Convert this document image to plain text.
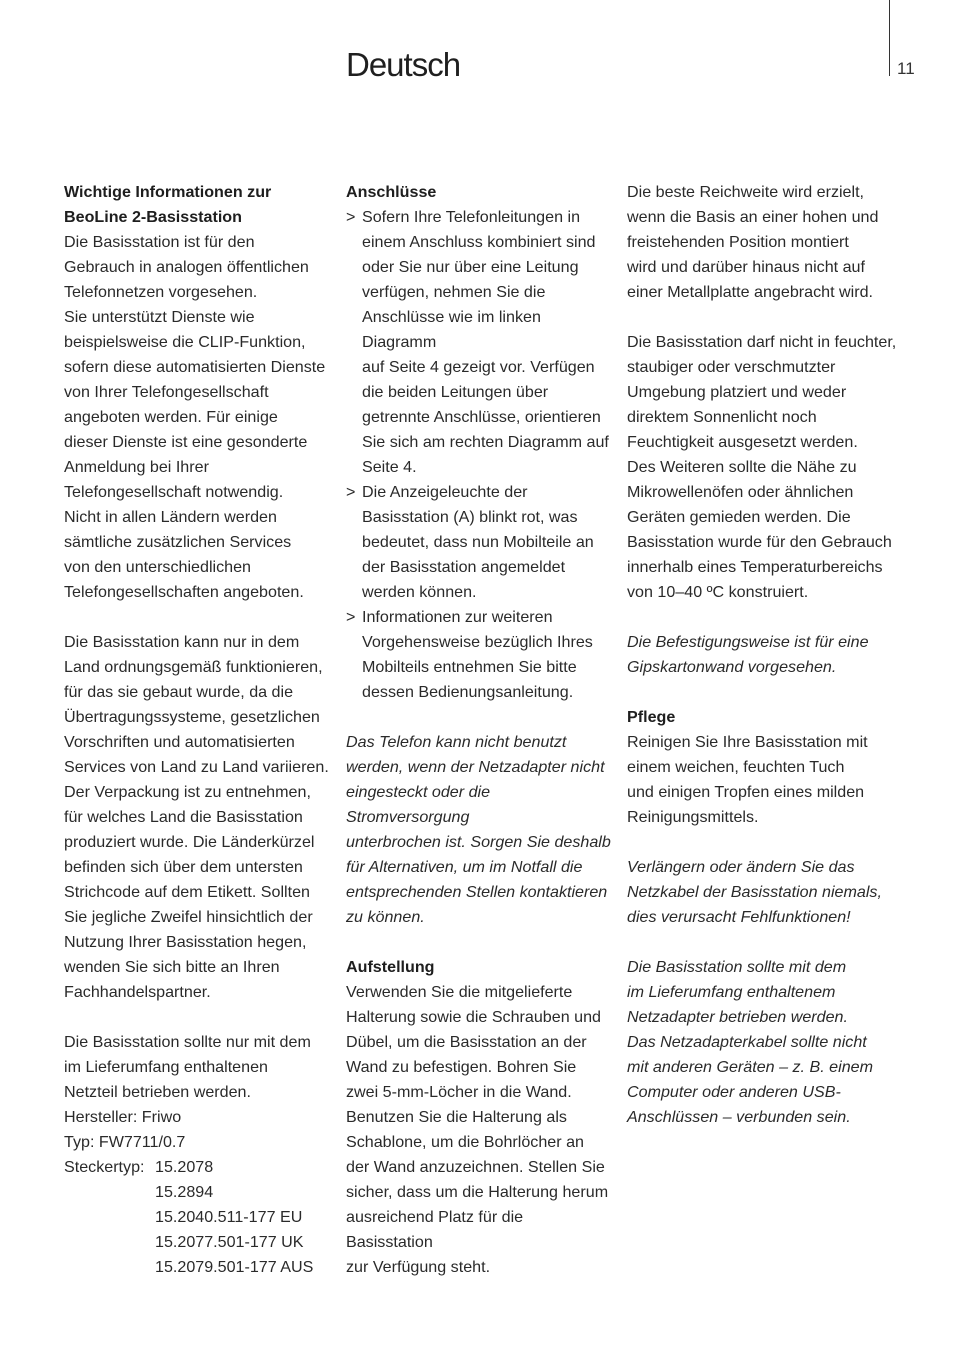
Deutsch	11

Wichtige Informationen zur

BeoLine 2-Basisstation

Die Basisstation ist für den
Gebrauch in analogen öffentlichen
Telefonnetzen vorgesehen.
Sie unterstützt Dienste wie
beispielsweise die CLIP-Funktion,
sofern diese automatisierten Dienste
von Ihrer Telefongesellschaft
angeboten werden. Für einige
dieser Dienste ist eine gesonderte
Anmeldung bei Ihrer
Telefongesellschaft notwendig.
Nicht in allen Ländern werden
sämtliche zusätzlichen Services
von den unterschiedlichen
Telefongesellschaften angeboten.
Die Basisstation kann nur in dem
Land ordnungsgemäß funktionieren,
für das sie gebaut wurde, da die
Übertragungssysteme, gesetzlichen
Vorschriften und automatisierten
Services von Land zu Land variieren.
Der Verpackung ist zu entnehmen,
für welches Land die Basisstation
produziert wurde. Die Länderkürzel
befinden sich über dem untersten
Strichcode auf dem Etikett. Sollten
Sie jegliche Zweifel hinsichtlich der
Nutzung Ihrer Basisstation hegen,
wenden Sie sich bitte an Ihren
Fachhandelspartner.
Die Basisstation sollte nur mit dem
im Lieferumfang enthaltenen
Netzteil betrieben werden.
Hersteller: Friwo
Typ: FW7711/0.7
Steckertyp: 15.2078
15.2894
15.2040.511-177 EU
15.2077.501-177 UK
15.2079.501-177 AUS

Anschlüsse

> Sofern Ihre Telefonleitungen in
einem Anschluss kombiniert sind
oder Sie nur über eine Leitung
verfügen, nehmen Sie die
Anschlüsse wie im linken Diagramm
auf Seite 4 gezeigt vor. Verfügen
die beiden Leitungen über
getrennte Anschlüsse, orientieren
Sie sich am rechten Diagramm auf
Seite 4.
> Die Anzeigeleuchte der
Basisstation (A) blinkt rot, was
bedeutet, dass nun Mobilteile an
der Basisstation angemeldet
werden können.
> Informationen zur weiteren
Vorgehensweise bezüglich Ihres
Mobilteils entnehmen Sie bitte
dessen Bedienungsanleitung.
Das Telefon kann nicht benutzt
werden, wenn der Netzadapter nicht
eingesteckt oder die Stromversorgung
unterbrochen ist. Sorgen Sie deshalb
für Alternativen, um im Notfall die
entsprechenden Stellen kontaktieren
zu können.

Aufstellung

Verwenden Sie die mitgelieferte
Halterung sowie die Schrauben und
Dübel, um die Basisstation an der
Wand zu befestigen. Bohren Sie
zwei 5-mm-Löcher in die Wand.
Benutzen Sie die Halterung als
Schablone, um die Bohrlöcher an
der Wand anzuzeichnen. Stellen Sie
sicher, dass um die Halterung herum
ausreichend Platz für die Basisstation
zur Verfügung steht.
Die beste Reichweite wird erzielt,
wenn die Basis an einer hohen und
freistehenden Position montiert
wird und darüber hinaus nicht auf
einer Metallplatte angebracht wird.
Die Basisstation darf nicht in feuchter,
staubiger oder verschmutzter
Umgebung platziert und weder
direktem Sonnenlicht noch
Feuchtigkeit ausgesetzt werden.
Des Weiteren sollte die Nähe zu
Mikrowellenöfen oder ähnlichen
Geräten gemieden werden. Die
Basisstation wurde für den Gebrauch
innerhalb eines Temperaturbereichs
von 10–40 ºC konstruiert.
Die Befestigungsweise ist für eine
Gipskartonwand vorgesehen.

Pflege

Reinigen Sie Ihre Basisstation mit
einem weichen, feuchten Tuch
und einigen Tropfen eines milden
Reinigungsmittels.
Verlängern oder ändern Sie das
Netzkabel der Basisstation niemals,
dies verursacht Fehlfunktionen!
Die Basisstation sollte mit dem
im Lieferumfang enthaltenem
Netzadapter betrieben werden.
Das Netzadapterkabel sollte nicht
mit anderen Geräten – z. B. einem
Computer oder anderen USB-
Anschlüssen – verbunden sein.
